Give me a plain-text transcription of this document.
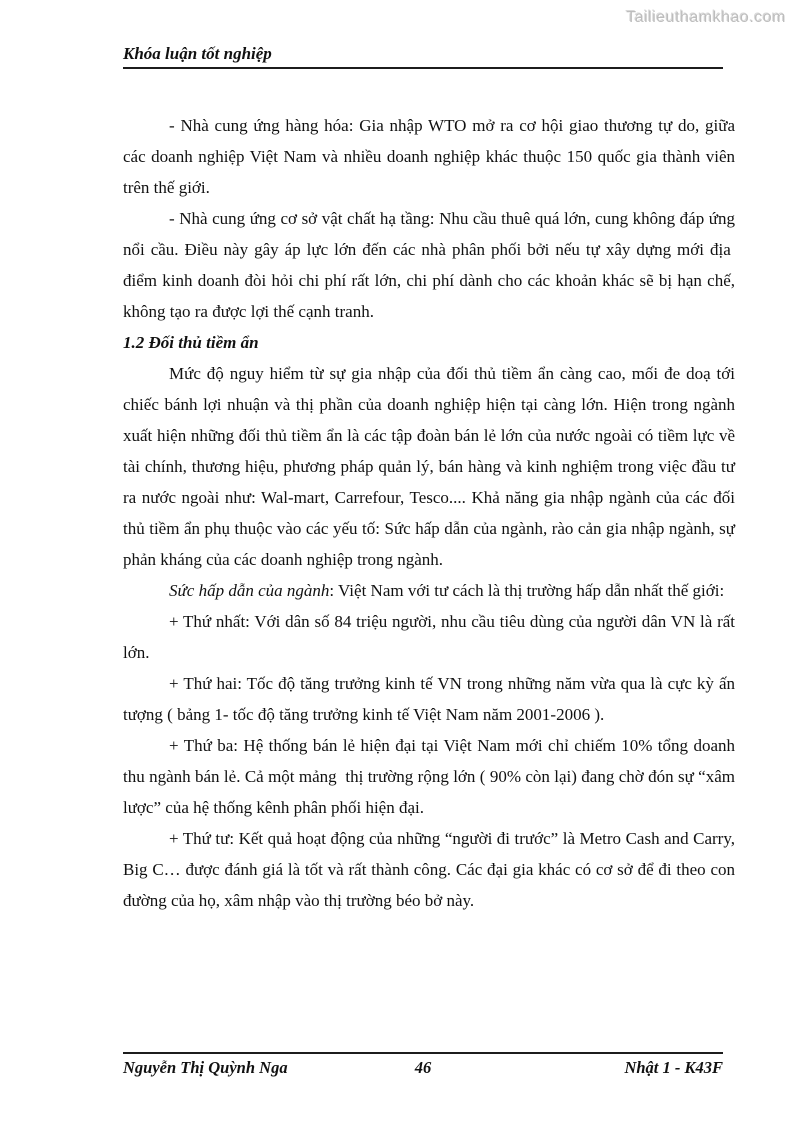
Tailieuthamkhao.com
Khóa luận tốt nghiệp

- Nhà cung ứng hàng hóa: Gia nhập WTO mở ra cơ hội giao thương tự do, giữa các doanh nghiệp Việt Nam và nhiều doanh nghiệp khác thuộc 150 quốc gia thành viên trên thế giới.

- Nhà cung ứng cơ sở vật chất hạ tầng: Nhu cầu thuê quá lớn, cung không đáp ứng nổi cầu. Điều này gây áp lực lớn đến các nhà phân phối bởi nếu tự xây dựng mới địa  điểm kinh doanh đòi hỏi chi phí rất lớn, chi phí dành cho các khoản khác sẽ bị hạn chế, không tạo ra được lợi thế cạnh tranh.

1.2 Đối thủ tiềm ẩn

Mức độ nguy hiểm từ sự gia nhập của đối thủ tiềm ẩn càng cao, mối đe doạ tới chiếc bánh lợi nhuận và thị phần của doanh nghiệp hiện tại càng lớn. Hiện trong ngành xuất hiện những đối thủ tiềm ẩn là các tập đoàn bán lẻ lớn của nước ngoài có tiềm lực về tài chính, thương hiệu, phương pháp quản lý, bán hàng và kinh nghiệm trong việc đầu tư ra nước ngoài như: Wal-mart, Carrefour, Tesco.... Khả năng gia nhập ngành của các đối thủ tiềm ẩn phụ thuộc vào các yếu tố: Sức hấp dẫn của ngành, rào cản gia nhập ngành, sự phản kháng của các doanh nghiệp trong ngành.

Sức hấp dẫn của ngành: Việt Nam với tư cách là thị trường hấp dẫn nhất thế giới:

+ Thứ nhất: Với dân số 84 triệu người, nhu cầu tiêu dùng của người dân VN là rất lớn.

+ Thứ hai: Tốc độ tăng trưởng kinh tế VN trong những năm vừa qua là cực kỳ ấn tượng ( bảng 1- tốc độ tăng trưởng kinh tế Việt Nam năm 2001-2006 ).

+ Thứ ba: Hệ thống bán lẻ hiện đại tại Việt Nam mới chỉ chiếm 10% tổng doanh thu ngành bán lẻ. Cả một mảng  thị trường rộng lớn ( 90% còn lại) đang chờ đón sự “xâm lược” của hệ thống kênh phân phối hiện đại.

+ Thứ tư: Kết quả hoạt động của những “người đi trước” là Metro Cash and Carry, Big C… được đánh giá là tốt và rất thành công. Các đại gia khác có cơ sở để đi theo con đường của họ, xâm nhập vào thị trường béo bở này.

Nguyễn Thị Quỳnh Nga	46	Nhật 1 - K43F
